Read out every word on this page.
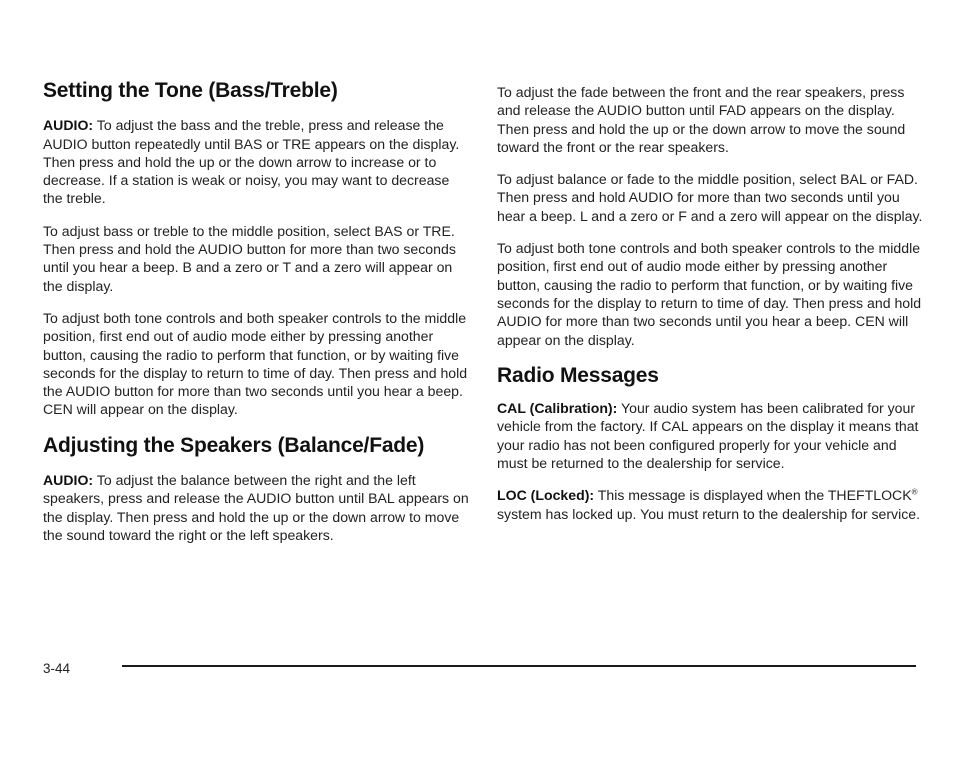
Setting the Tone (Bass/Treble)

AUDIO: To adjust the bass and the treble, press and release the AUDIO button repeatedly until BAS or TRE appears on the display. Then press and hold the up or the down arrow to increase or to decrease. If a station is weak or noisy, you may want to decrease the treble.

To adjust bass or treble to the middle position, select BAS or TRE. Then press and hold the AUDIO button for more than two seconds until you hear a beep. B and a zero or T and a zero will appear on the display.

To adjust both tone controls and both speaker controls to the middle position, first end out of audio mode either by pressing another button, causing the radio to perform that function, or by waiting five seconds for the display to return to time of day. Then press and hold the AUDIO button for more than two seconds until you hear a beep. CEN will appear on the display.

Adjusting the Speakers (Balance/Fade)

AUDIO: To adjust the balance between the right and the left speakers, press and release the AUDIO button until BAL appears on the display. Then press and hold the up or the down arrow to move the sound toward the right or the left speakers.

To adjust the fade between the front and the rear speakers, press and release the AUDIO button until FAD appears on the display. Then press and hold the up or the down arrow to move the sound toward the front or the rear speakers.

To adjust balance or fade to the middle position, select BAL or FAD. Then press and hold AUDIO for more than two seconds until you hear a beep. L and a zero or F and a zero will appear on the display.

To adjust both tone controls and both speaker controls to the middle position, first end out of audio mode either by pressing another button, causing the radio to perform that function, or by waiting five seconds for the display to return to time of day. Then press and hold AUDIO for more than two seconds until you hear a beep. CEN will appear on the display.

Radio Messages

CAL (Calibration): Your audio system has been calibrated for your vehicle from the factory. If CAL appears on the display it means that your radio has not been configured properly for your vehicle and must be returned to the dealership for service.

LOC (Locked): This message is displayed when the THEFTLOCK® system has locked up. You must return to the dealership for service.

3-44
